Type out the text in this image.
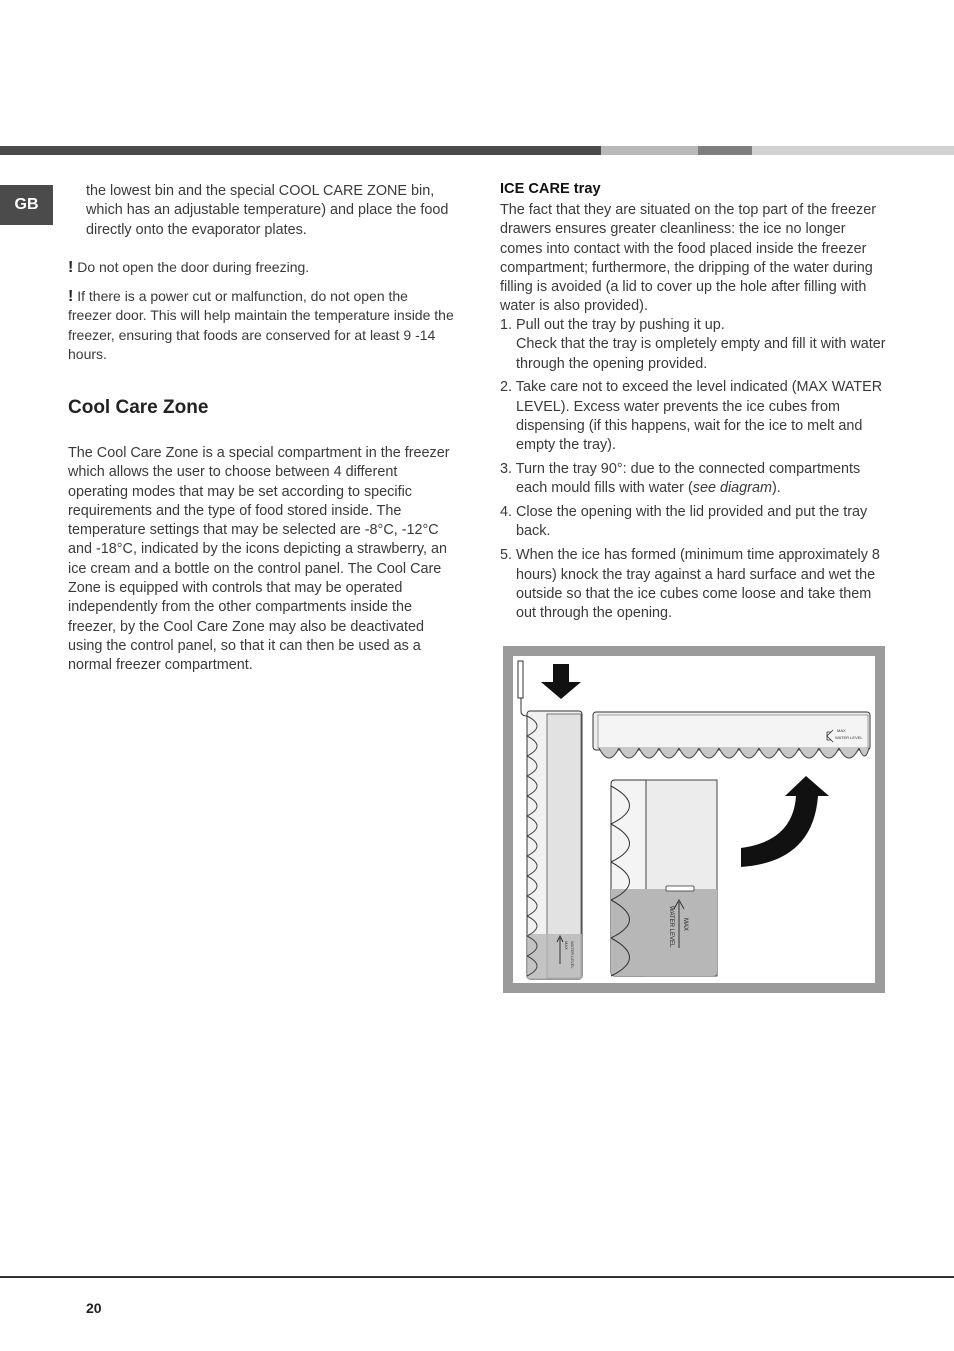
GB

the lowest bin and the special COOL CARE ZONE bin, which has an adjustable temperature) and place the food directly onto the evaporator plates.

! Do not open the door during freezing.

! If there is a power cut or malfunction, do not open the freezer door. This will help maintain the temperature inside the freezer, ensuring that foods are conserved for at least 9 -14 hours.

Cool Care Zone

The Cool Care Zone is a special compartment in the freezer which allows the user to choose between 4 different operating modes that may be set according to specific requirements and the type of food stored inside. The temperature settings that may be selected are -8°C, -12°C and -18°C, indicated by the icons depicting a strawberry, an ice cream and a bottle on the control panel. The Cool Care Zone is equipped with controls that may be operated independently from the other compartments inside the freezer, by the Cool Care Zone may also be deactivated using the control panel, so that it can then be used as a normal freezer compartment.

ICE CARE tray

The fact that they are situated on the top part of the freezer drawers ensures greater cleanliness: the ice no longer comes into contact with the food placed inside the freezer compartment; furthermore, the dripping of the water during filling is avoided (a lid to cover up the hole after filling with water is also provided).

1. Pull out the tray by pushing it up.
Check that the tray is ompletely empty and fill it with water through the opening provided.
2. Take care not to exceed the level indicated (MAX WATER LEVEL). Excess water prevents the ice cubes from dispensing (if this happens, wait for the ice to melt and empty the tray).
3. Turn the tray 90°: due to the connected compartments each mould fills with water (see diagram).
4. Close the opening with the lid provided and put the tray back.
5. When the ice has formed (minimum time approximately 8 hours) knock the tray against a hard surface and wet the outside so that the ice cubes come loose and take them out through the opening.
MAX WATER LEVEL
MAX
WATER LEVEL
MAX
WATER LEVEL
20
